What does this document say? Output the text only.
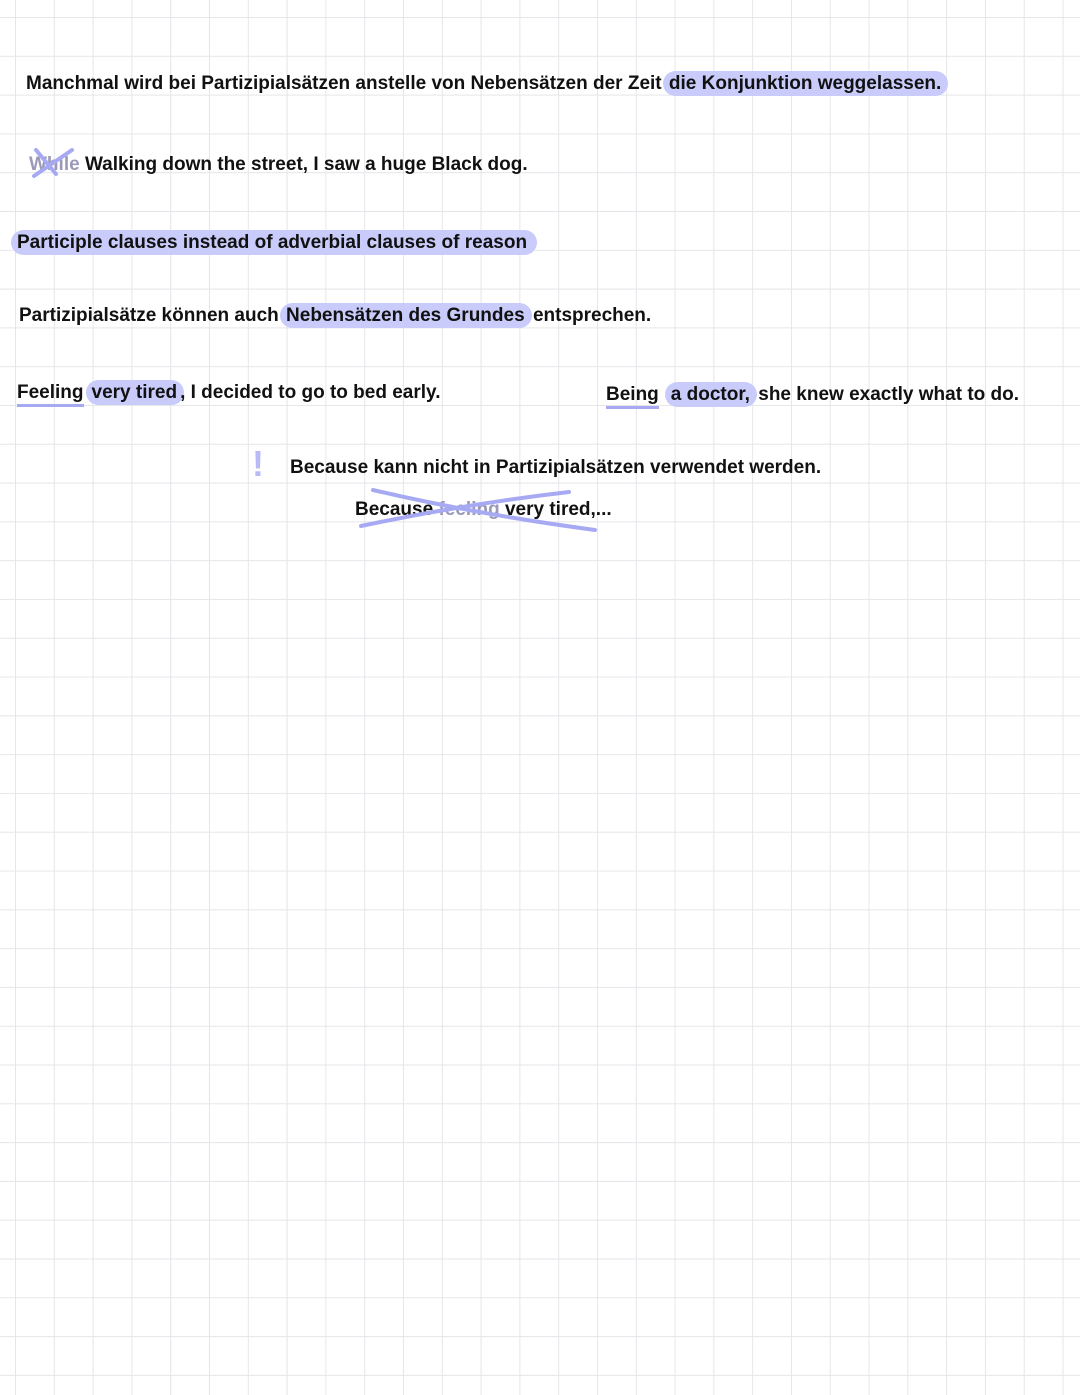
Manchmal wird bei Partizipialsätzen anstelle von Nebensätzen der Zeit die Konjunktion weggelassen.
While Walking down the street, I saw a huge Black dog.
Participle clauses instead of adverbial clauses of reason
Partizipialsätze können auch Nebensätzen des Grundes entsprechen.
Feeling very tired , I decided to go to bed early.	Being a doctor, she knew exactly what to do.
! Because kann nicht in Partizipialsätzen verwendet werden.
Because feeling very tired,...
